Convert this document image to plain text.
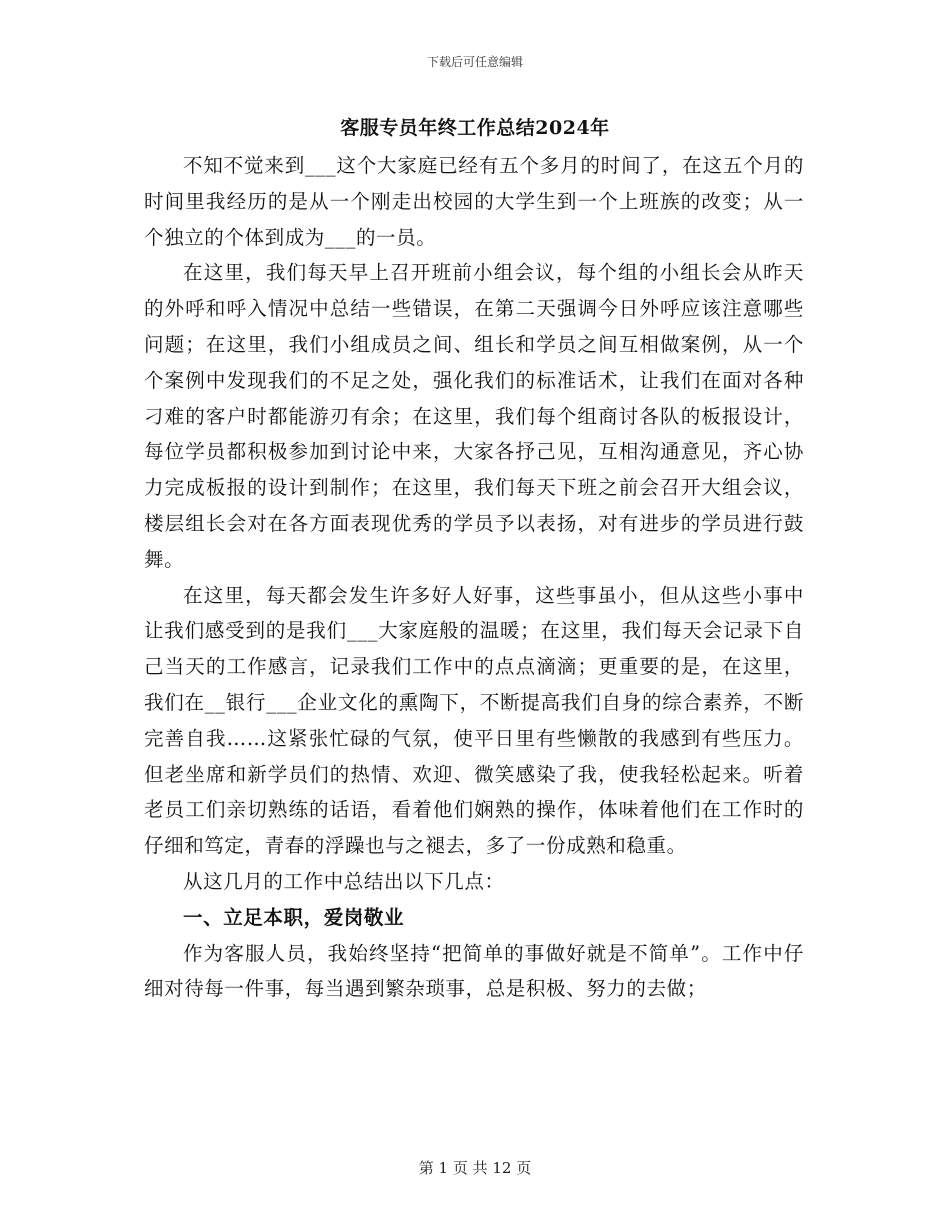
下载后可任意编辑
客服专员年终工作总结2024年

不知不觉来到___这个大家庭已经有五个多月的时间了，在这五个月的时间里我经历的是从一个刚走出校园的大学生到一个上班族的改变；从一个独立的个体到成为___的一员。

在这里，我们每天早上召开班前小组会议，每个组的小组长会从昨天的外呼和呼入情况中总结一些错误，在第二天强调今日外呼应该注意哪些问题；在这里，我们小组成员之间、组长和学员之间互相做案例，从一个个案例中发现我们的不足之处，强化我们的标准话术，让我们在面对各种刁难的客户时都能游刃有余；在这里，我们每个组商讨各队的板报设计，每位学员都积极参加到讨论中来，大家各抒己见，互相沟通意见，齐心协力完成板报的设计到制作；在这里，我们每天下班之前会召开大组会议，楼层组长会对在各方面表现优秀的学员予以表扬，对有进步的学员进行鼓舞。

在这里，每天都会发生许多好人好事，这些事虽小，但从这些小事中让我们感受到的是我们___大家庭般的温暖；在这里，我们每天会记录下自己当天的工作感言，记录我们工作中的点点滴滴；更重要的是，在这里，我们在__银行___企业文化的熏陶下，不断提高我们自身的综合素养，不断完善自我……这紧张忙碌的气氛，使平日里有些懒散的我感到有些压力。但老坐席和新学员们的热情、欢迎、微笑感染了我，使我轻松起来。听着老员工们亲切熟练的话语，看着他们娴熟的操作，体味着他们在工作时的仔细和笃定，青春的浮躁也与之褪去，多了一份成熟和稳重。

从这几月的工作中总结出以下几点：

一、立足本职，爱岗敬业

作为客服人员，我始终坚持“把简单的事做好就是不简单”。工作中仔细对待每一件事，每当遇到繁杂琐事，总是积极、努力的去做；

第 1 页 共 12 页
